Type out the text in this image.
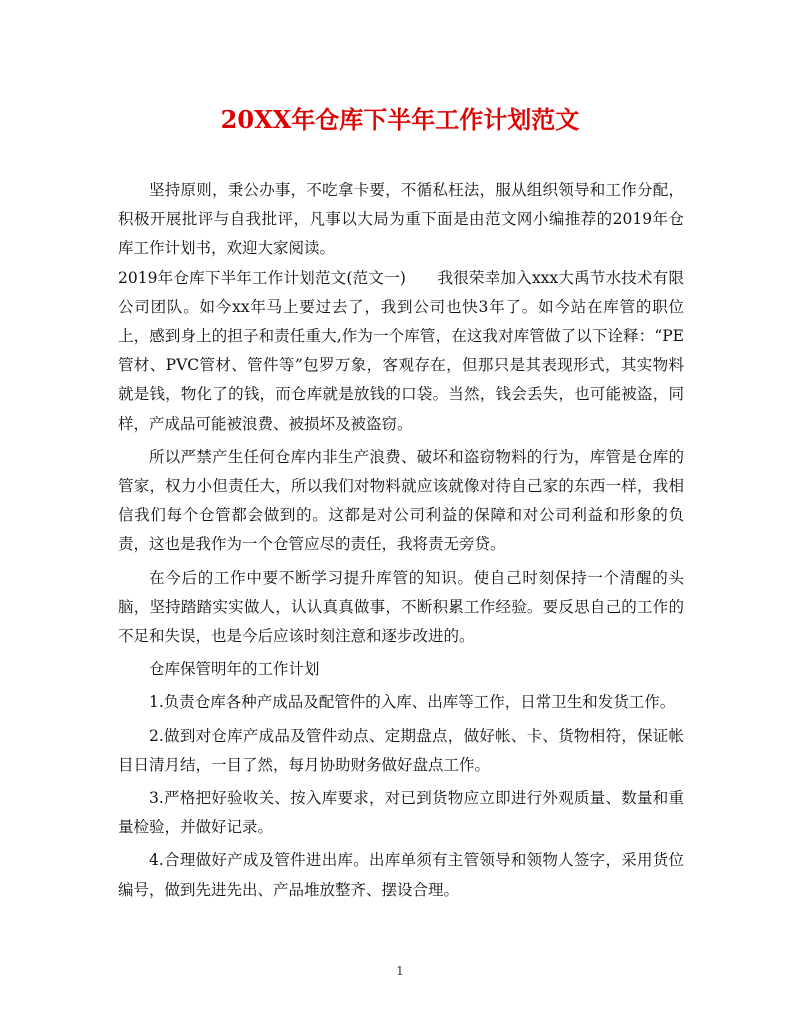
20XX年仓库下半年工作计划范文

坚持原则，秉公办事，不吃拿卡要，不循私枉法，服从组织领导和工作分配，积极开展批评与自我批评，凡事以大局为重下面是由范文网小编推荐的2019年仓库工作计划书，欢迎大家阅读。

2019年仓库下半年工作计划范文(范文一)　　我很荣幸加入xxx大禹节水技术有限公司团队。如今xx年马上要过去了，我到公司也快3年了。如今站在库管的职位上，感到身上的担子和责任重大,作为一个库管，在这我对库管做了以下诠释：“PE管材、PVC管材、管件等”包罗万象，客观存在，但那只是其表现形式，其实物料就是钱，物化了的钱，而仓库就是放钱的口袋。当然，钱会丢失，也可能被盗，同样，产成品可能被浪费、被损坏及被盗窃。

所以严禁产生任何仓库内非生产浪费、破坏和盗窃物料的行为，库管是仓库的管家，权力小但责任大，所以我们对物料就应该就像对待自己家的东西一样，我相信我们每个仓管都会做到的。这都是对公司利益的保障和对公司利益和形象的负责，这也是我作为一个仓管应尽的责任，我将责无旁贷。

在今后的工作中要不断学习提升库管的知识。使自己时刻保持一个清醒的头脑，坚持踏踏实实做人，认认真真做事，不断积累工作经验。要反思自己的工作的不足和失误，也是今后应该时刻注意和逐步改进的。

仓库保管明年的工作计划

1.负责仓库各种产成品及配管件的入库、出库等工作，日常卫生和发货工作。

2.做到对仓库产成品及管件动点、定期盘点，做好帐、卡、货物相符，保证帐目日清月结，一目了然，每月协助财务做好盘点工作。

3.严格把好验收关、按入库要求，对已到货物应立即进行外观质量、数量和重量检验，并做好记录。

4.合理做好产成及管件进出库。出库单须有主管领导和领物人签字，采用货位编号，做到先进先出、产品堆放整齐、摆设合理。

1
